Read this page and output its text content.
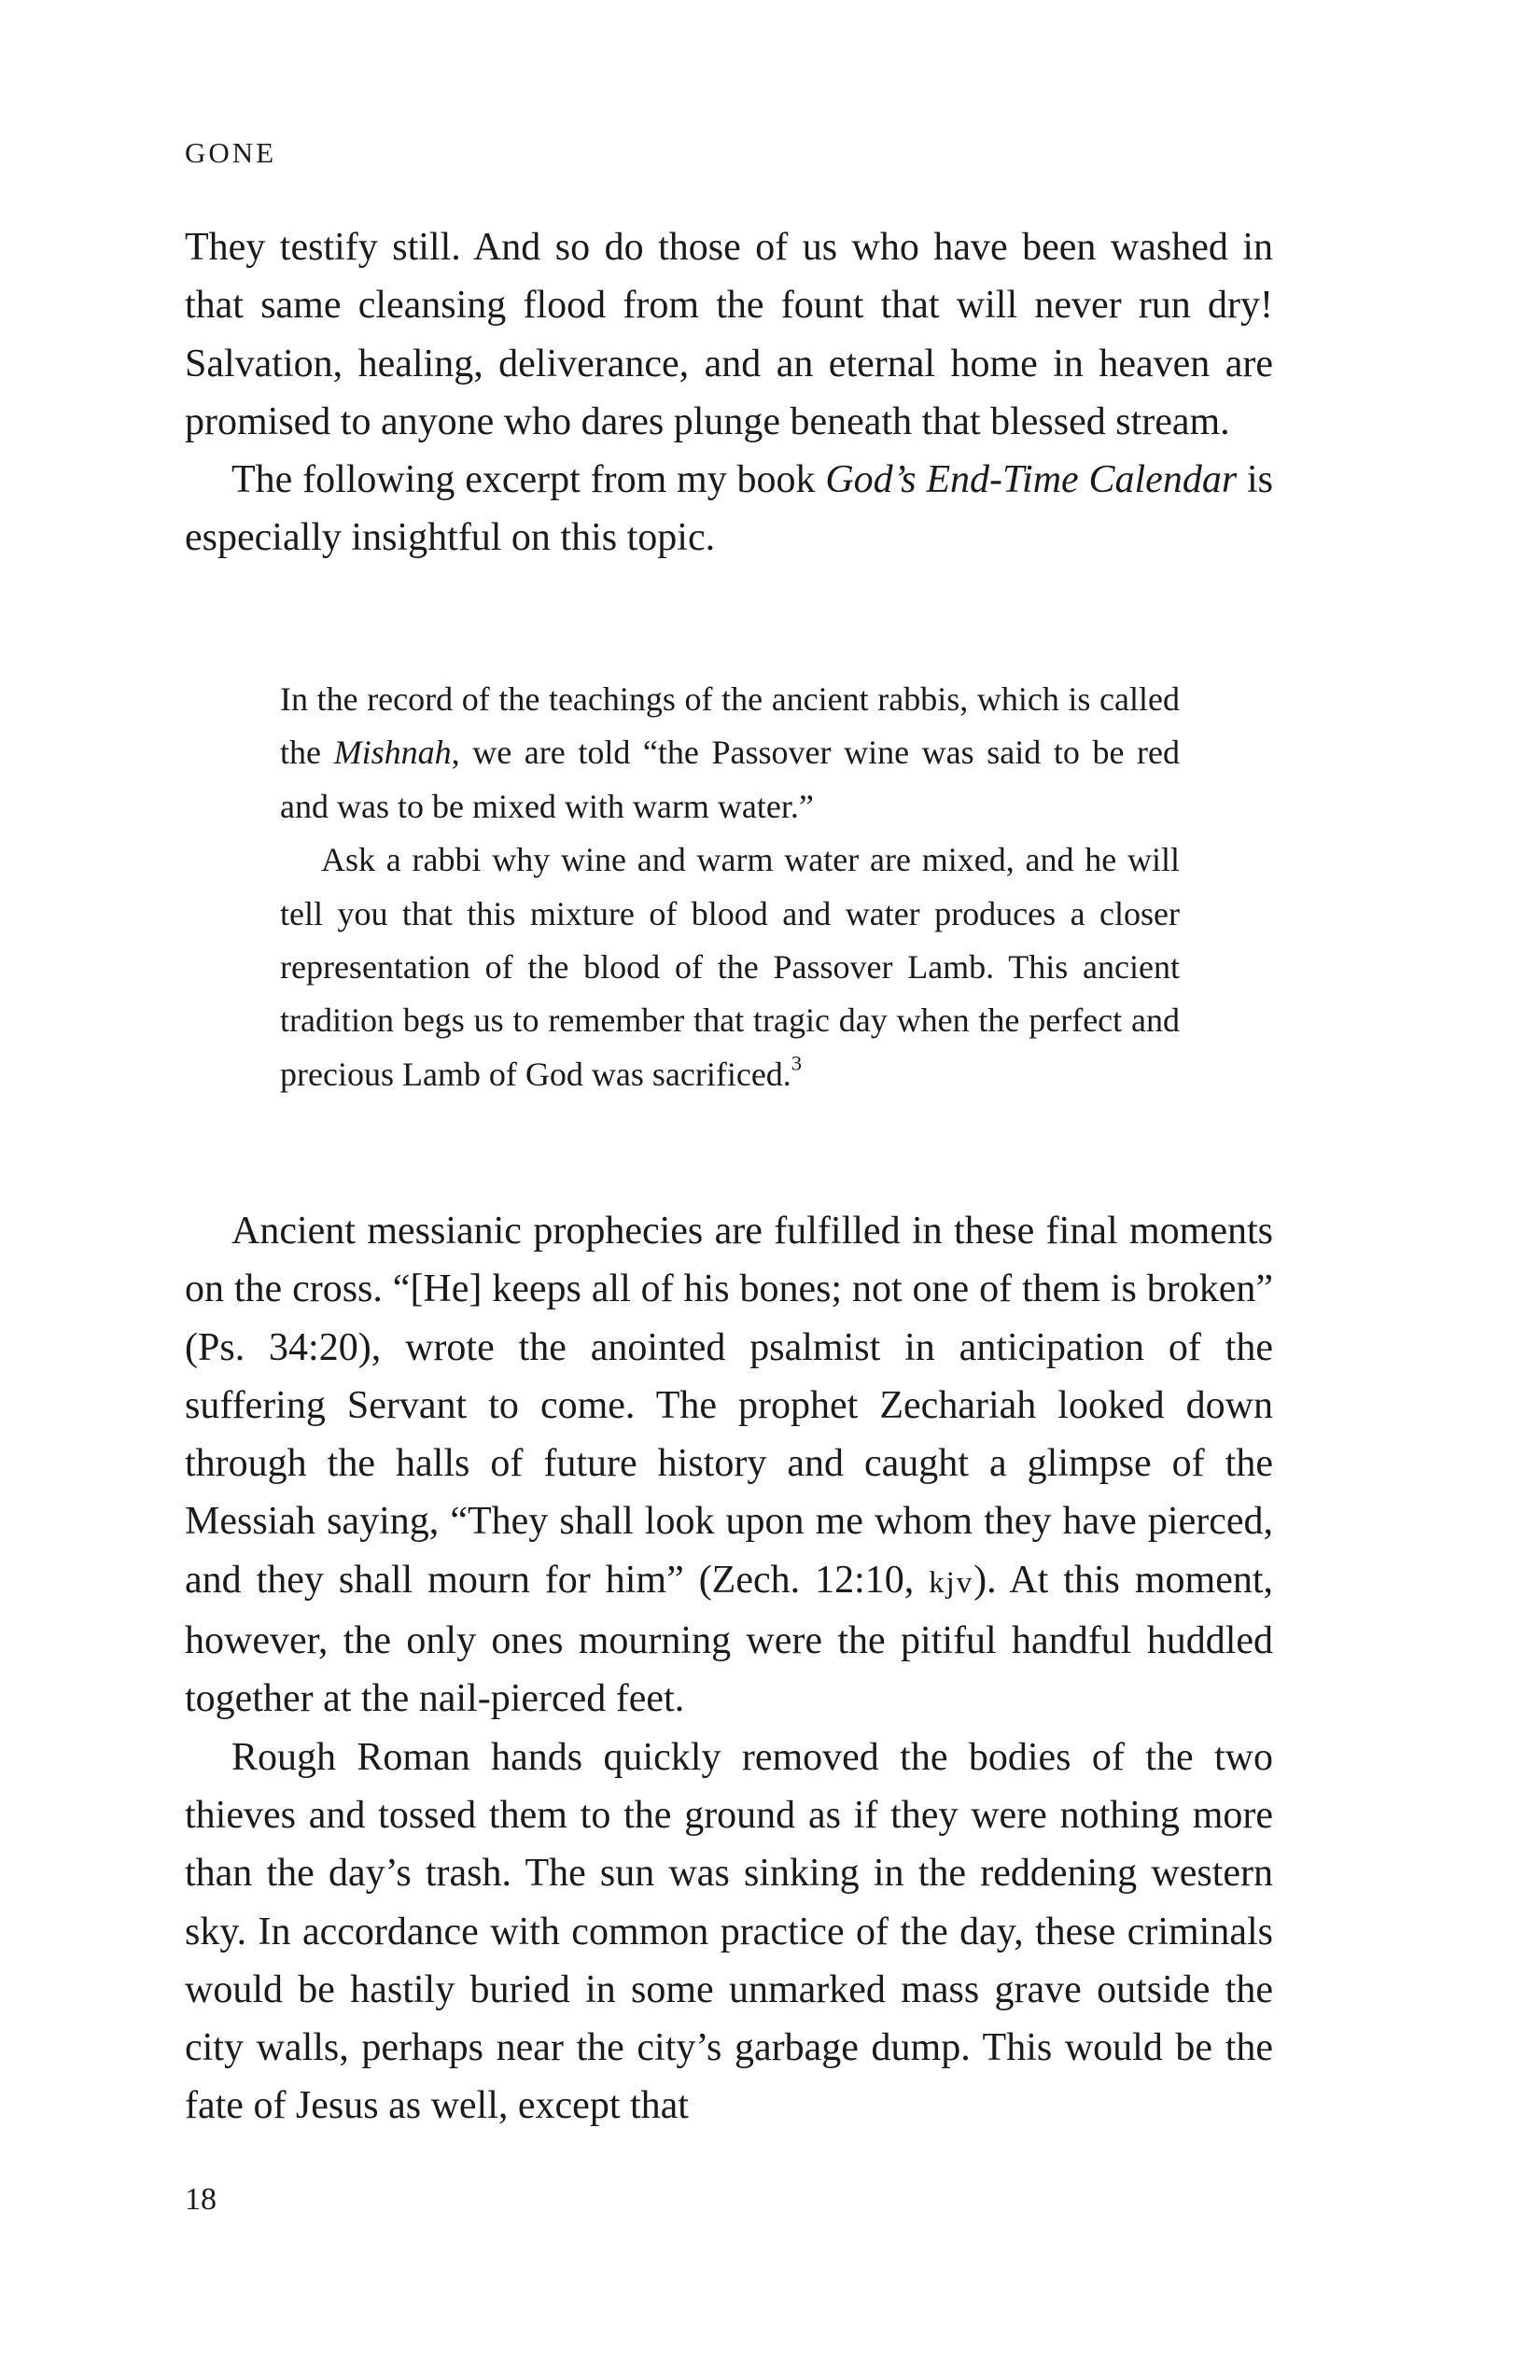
GONE

They testify still. And so do those of us who have been washed in that same cleansing flood from the fount that will never run dry! Salvation, healing, deliverance, and an eternal home in heaven are promised to anyone who dares plunge beneath that blessed stream.

The following excerpt from my book God’s End-Time Calendar is especially insightful on this topic.

In the record of the teachings of the ancient rabbis, which is called the Mishnah, we are told “the Passover wine was said to be red and was to be mixed with warm water.”

Ask a rabbi why wine and warm water are mixed, and he will tell you that this mixture of blood and water produces a closer representation of the blood of the Passover Lamb. This ancient tradition begs us to remember that tragic day when the perfect and precious Lamb of God was sacrificed.$^3$

Ancient messianic prophecies are fulfilled in these final moments on the cross. “[He] keeps all of his bones; not one of them is broken” (Ps. 34:20), wrote the anointed psalmist in anticipation of the suffering Servant to come. The prophet Zechariah looked down through the halls of future history and caught a glimpse of the Messiah saying, “They shall look upon me whom they have pierced, and they shall mourn for him” (Zech. 12:10, kjv). At this moment, however, the only ones mourning were the pitiful handful huddled together at the nail-pierced feet.

Rough Roman hands quickly removed the bodies of the two thieves and tossed them to the ground as if they were nothing more than the day’s trash. The sun was sinking in the reddening western sky. In accordance with common practice of the day, these criminals would be hastily buried in some unmarked mass grave outside the city walls, perhaps near the city’s garbage dump. This would be the fate of Jesus as well, except that

18
